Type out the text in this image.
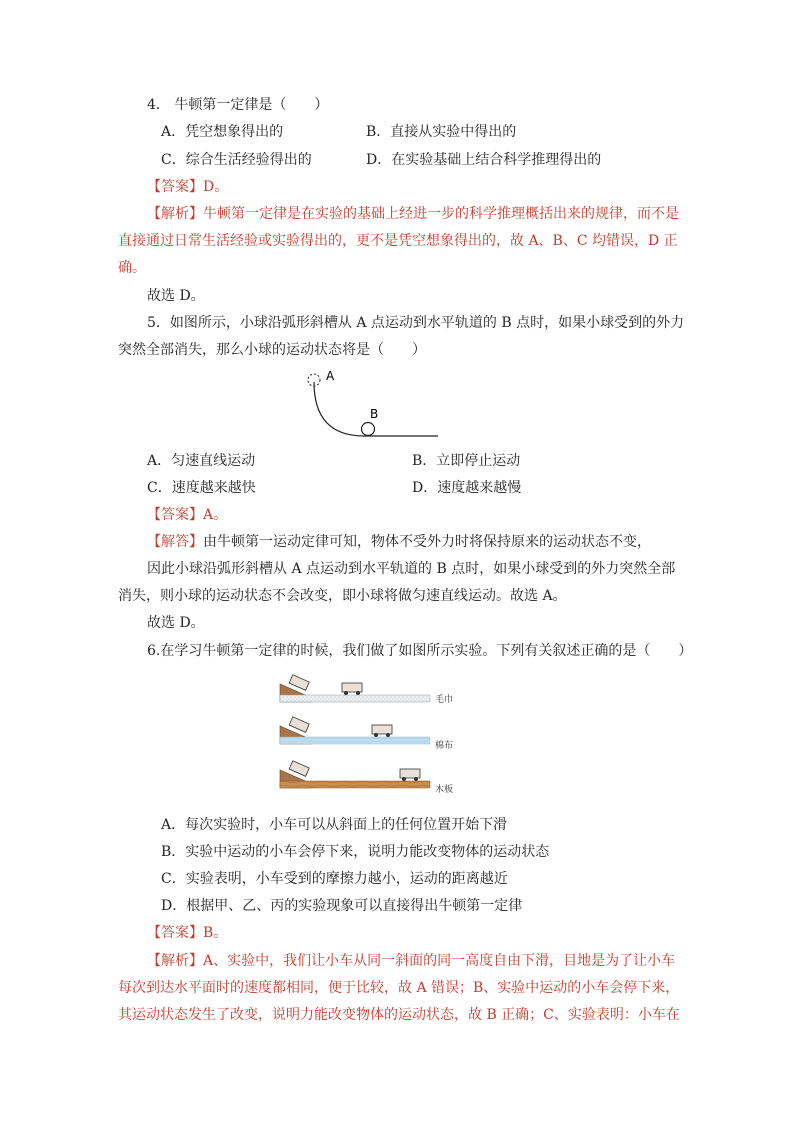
4． 牛顿第一定律是（　　）
A．凭空想象得出的	B．直接从实验中得出的
C．综合生活经验得出的	D．在实验基础上结合科学推理得出的
【答案】D。
【解析】牛顿第一定律是在实验的基础上经进一步的科学推理概括出来的规律，而不是
直接通过日常生活经验或实验得出的，更不是凭空想象得出的，故 A、B、C 均错误，D 正
确。
故选 D。
5．如图所示，小球沿弧形斜槽从 A 点运动到水平轨道的 B 点时，如果小球受到的外力
突然全部消失，那么小球的运动状态将是（　　）
A
B
A．匀速直线运动	B．立即停止运动
C．速度越来越快	D．速度越来越慢
【答案】A。
【解答】由牛顿第一运动定律可知，物体不受外力时将保持原来的运动状态不变，
因此小球沿弧形斜槽从 A 点运动到水平轨道的 B 点时，如果小球受到的外力突然全部
消失，则小球的运动状态不会改变，即小球将做匀速直线运动。故选 A。
故选 D。
6.在学习牛顿第一定律的时候，我们做了如图所示实验。下列有关叙述正确的是（　　）
毛巾
棉布
木板
A．每次实验时，小车可以从斜面上的任何位置开始下滑
B．实验中运动的小车会停下来，说明力能改变物体的运动状态
C．实验表明，小车受到的摩擦力越小，运动的距离越近
D．根据甲、乙、丙的实验现象可以直接得出牛顿第一定律
【答案】B。
【解析】A、实验中，我们让小车从同一斜面的同一高度自由下滑，目地是为了让小车
每次到达水平面时的速度都相同，便于比较，故 A 错误；B、实验中运动的小车会停下来，
其运动状态发生了改变，说明力能改变物体的运动状态，故 B 正确；C、实验表明：小车在
